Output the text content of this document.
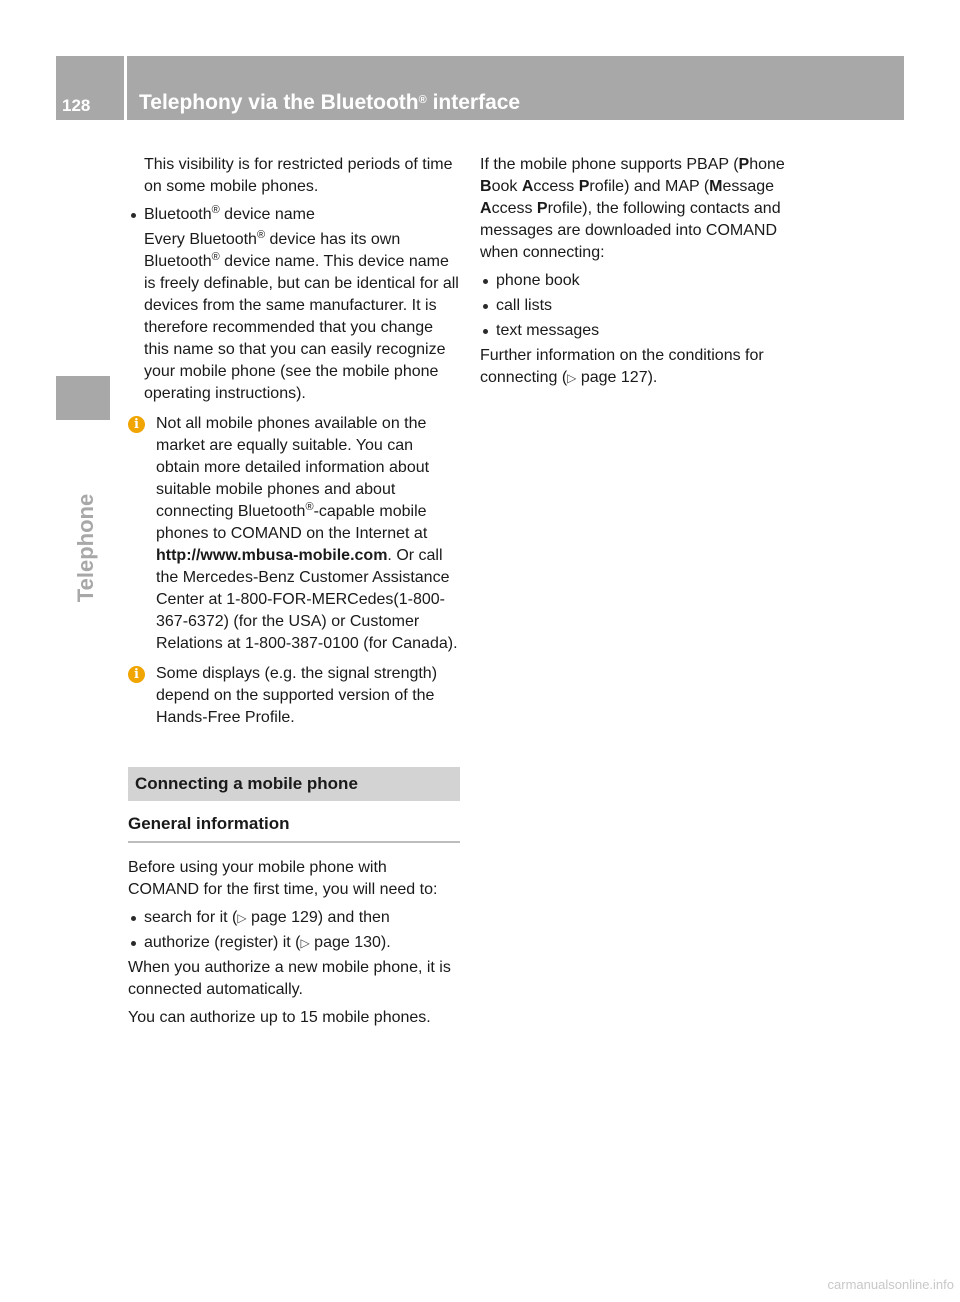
128 Telephony via the Bluetooth® interface
Telephone

This visibility is for restricted periods of time on some mobile phones.

Bluetooth® device name

Every Bluetooth® device has its own Bluetooth® device name. This device name is freely definable, but can be identical for all devices from the same manufacturer. It is therefore recommended that you change this name so that you can easily recognize your mobile phone (see the mobile phone operating instructions).

i	Not all mobile phones available on the market are equally suitable. You can obtain more detailed information about suitable mobile phones and about connecting Bluetooth®-capable mobile phones to COMAND on the Internet at http://www.mbusa-mobile.com. Or call the Mercedes-Benz Customer Assistance Center at 1-800-FOR-MERCedes(1-800-367-6372) (for the USA) or Customer Relations at 1-800-387-0100 (for Canada).
i	Some displays (e.g. the signal strength) depend on the supported version of the Hands-Free Profile.
Connecting a mobile phone
General information

Before using your mobile phone with COMAND for the first time, you will need to:

search for it (▷ page 129) and then
authorize (register) it (▷ page 130).

When you authorize a new mobile phone, it is connected automatically.

You can authorize up to 15 mobile phones.

If the mobile phone supports PBAP (Phone Book Access Profile) and MAP (Message Access Profile), the following contacts and messages are downloaded into COMAND when connecting:

phone book
call lists
text messages

Further information on the conditions for connecting (▷ page 127).

carmanualsonline.info
